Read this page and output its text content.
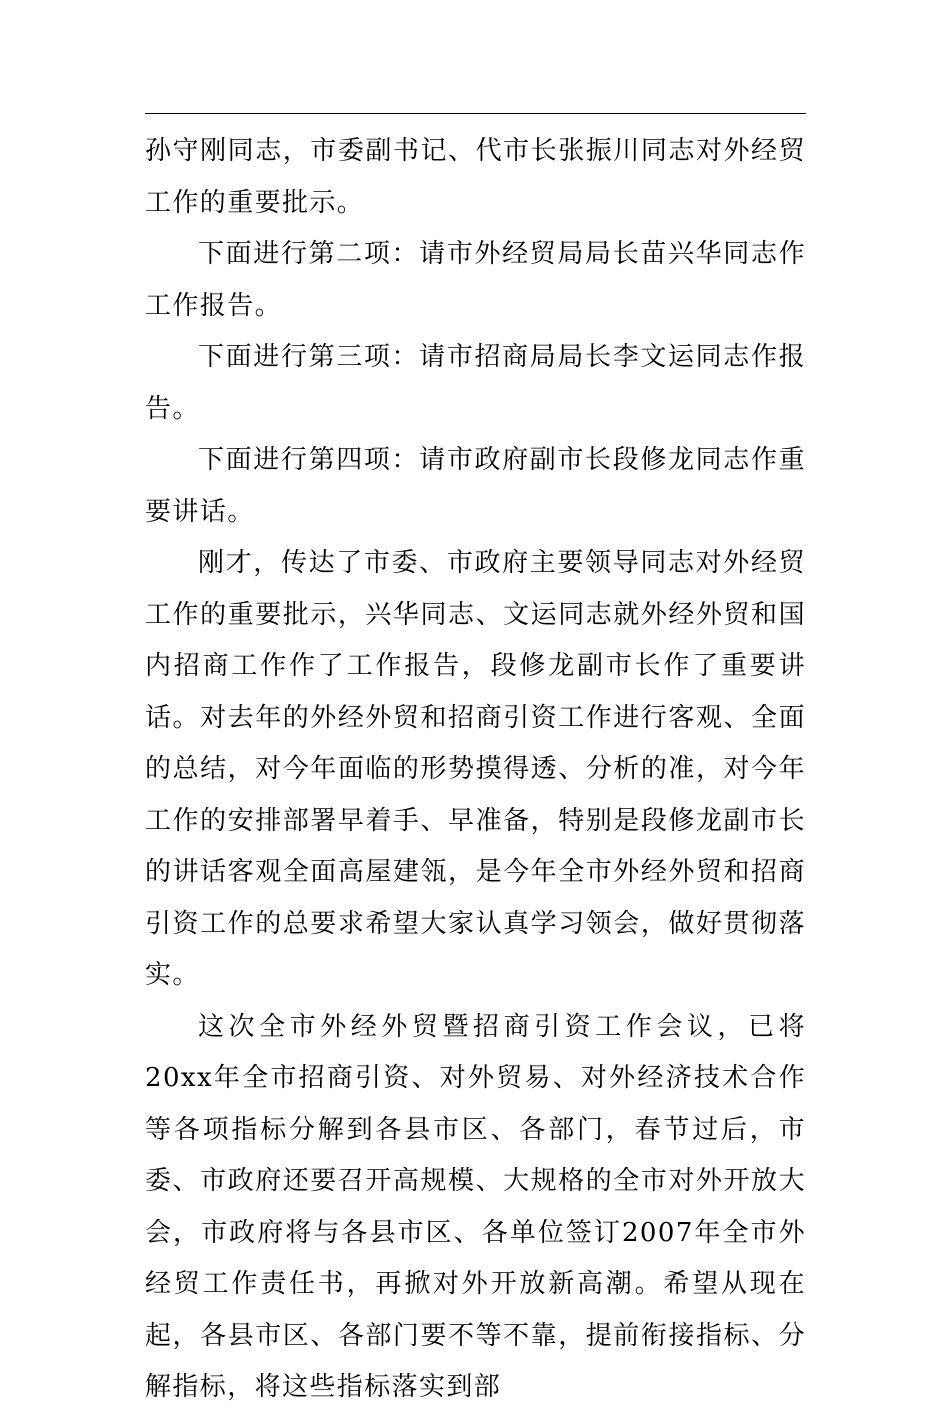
孙守刚同志，市委副书记、代市长张振川同志对外经贸工作的重要批示。

下面进行第二项：请市外经贸局局长苗兴华同志作工作报告。

下面进行第三项：请市招商局局长李文运同志作报告。

下面进行第四项：请市政府副市长段修龙同志作重要讲话。

刚才，传达了市委、市政府主要领导同志对外经贸工作的重要批示，兴华同志、文运同志就外经外贸和国内招商工作作了工作报告，段修龙副市长作了重要讲话。对去年的外经外贸和招商引资工作进行客观、全面的总结，对今年面临的形势摸得透、分析的准，对今年工作的安排部署早着手、早准备，特别是段修龙副市长的讲话客观全面高屋建瓴，是今年全市外经外贸和招商引资工作的总要求希望大家认真学习领会，做好贯彻落实。

这次全市外经外贸暨招商引资工作会议，已将20xx年全市招商引资、对外贸易、对外经济技术合作等各项指标分解到各县市区、各部门，春节过后，市委、市政府还要召开高规模、大规格的全市对外开放大会，市政府将与各县市区、各单位签订2007年全市外经贸工作责任书，再掀对外开放新高潮。希望从现在起，各县市区、各部门要不等不靠，提前衔接指标、分解指标，将这些指标落实到部
